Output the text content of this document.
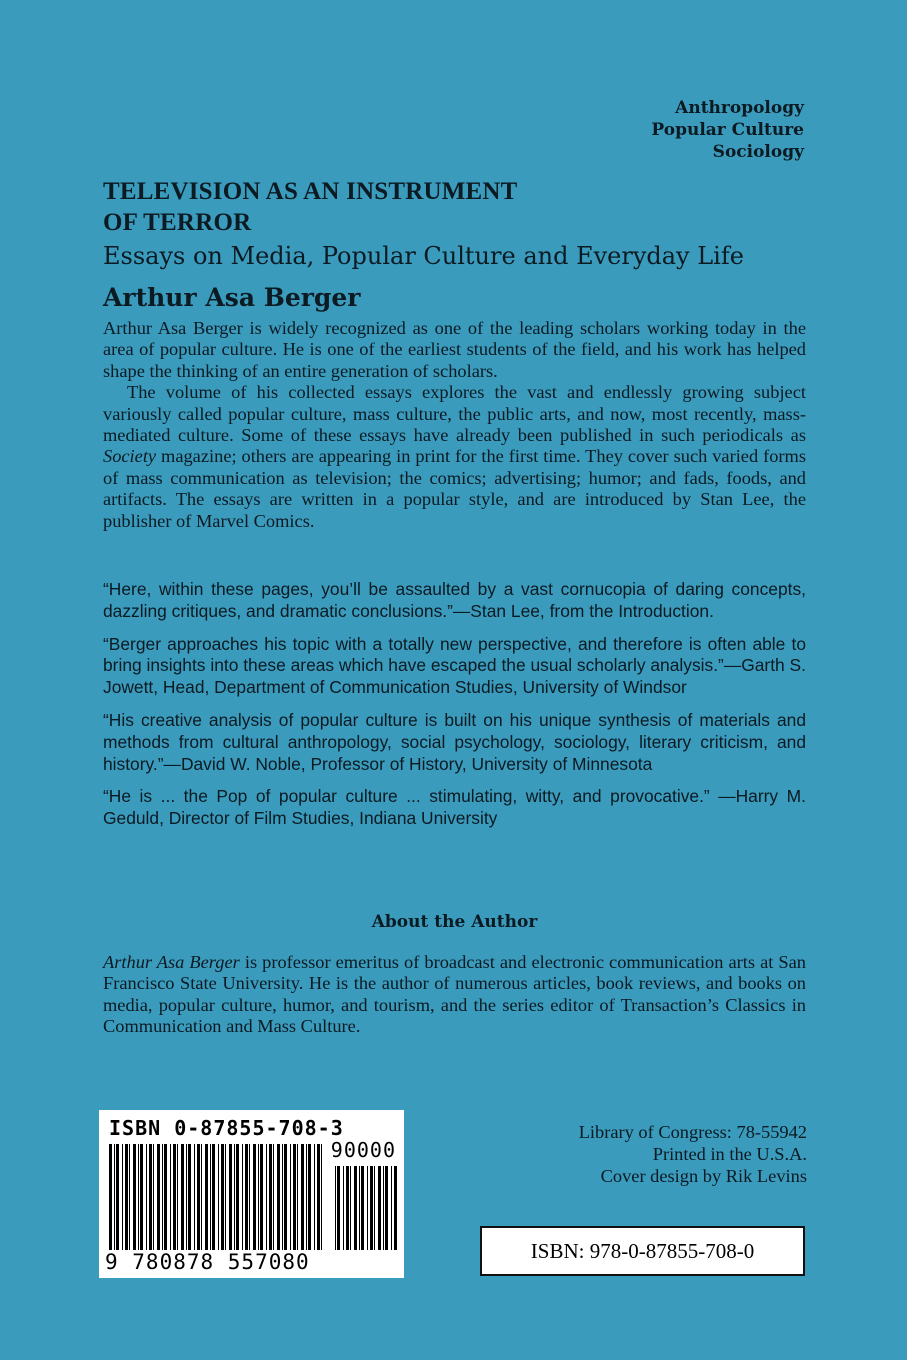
Anthropology
Popular Culture
Sociology
TELEVISION AS AN INSTRUMENT
OF TERROR
Essays on Media, Popular Culture and Everyday Life
Arthur Asa Berger

Arthur Asa Berger is widely recognized as one of the leading scholars working today in the area of popular culture. He is one of the earliest students of the field, and his work has helped shape the thinking of an entire generation of scholars.

The volume of his collected essays explores the vast and endlessly growing subject variously called popular culture, mass culture, the public arts, and now, most recently, mass-mediated culture. Some of these essays have already been published in such periodicals as Society magazine; others are appearing in print for the first time. They cover such varied forms of mass communication as television; the comics; advertising; humor; and fads, foods, and artifacts. The essays are written in a popular style, and are introduced by Stan Lee, the publisher of Marvel Comics.

“Here, within these pages, you’ll be assaulted by a vast cornucopia of daring concepts, dazzling critiques, and dramatic conclusions.”—Stan Lee, from the Introduction.

“Berger approaches his topic with a totally new perspective, and therefore is often able to bring insights into these areas which have escaped the usual scholarly analysis.”—Garth S. Jowett, Head, Department of Communication Studies, University of Windsor

“His creative analysis of popular culture is built on his unique synthesis of materials and methods from cultural anthropology, social psychology, sociology, literary criticism, and history.”—David W. Noble, Professor of History, University of Minnesota

“He is ... the Pop of popular culture ... stimulating, witty, and provocative.” —Harry M. Geduld, Director of Film Studies, Indiana University

About the Author

Arthur Asa Berger is professor emeritus of broadcast and electronic communication arts at San Francisco State University. He is the author of numerous articles, book reviews, and books on media, popular culture, humor, and tourism, and the series editor of Transaction’s Classics in Communication and Mass Culture.

ISBN 0-87855-708-3
90000
9 780878 557080
Library of Congress: 78-55942
Printed in the U.S.A.
Cover design by Rik Levins
ISBN: 978-0-87855-708-0
